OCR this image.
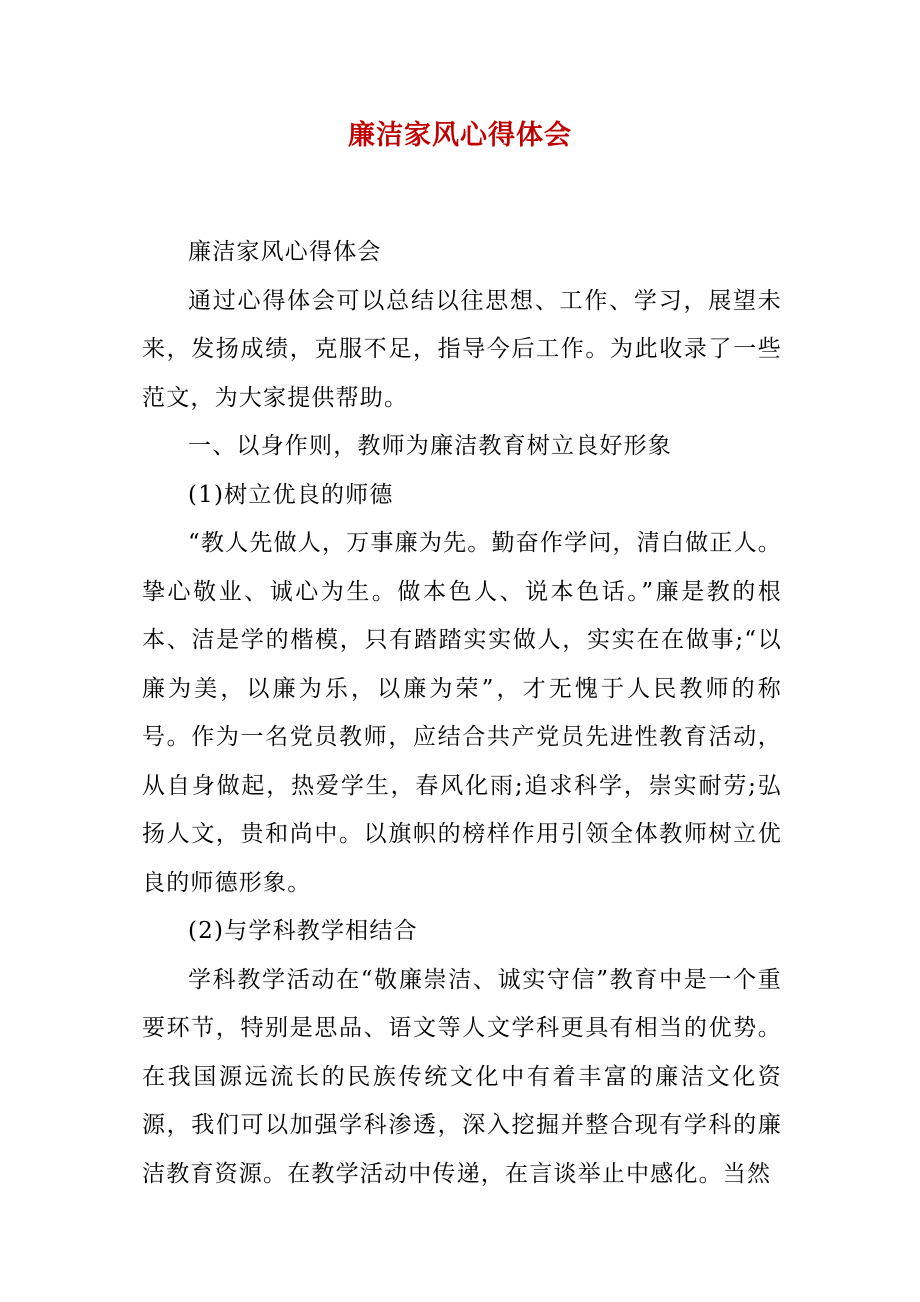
廉洁家风心得体会

廉洁家风心得体会

通过心得体会可以总结以往思想、工作、学习，展望未来，发扬成绩，克服不足，指导今后工作。为此收录了一些范文，为大家提供帮助。

一、以身作则，教师为廉洁教育树立良好形象

(1)树立优良的师德

“教人先做人，万事廉为先。勤奋作学问，清白做正人。挚心敬业、诚心为生。做本色人、说本色话。”廉是教的根本、洁是学的楷模，只有踏踏实实做人，实实在在做事;“以廉为美，以廉为乐，以廉为荣”，才无愧于人民教师的称号。作为一名党员教师，应结合共产党员先进性教育活动，从自身做起，热爱学生，春风化雨;追求科学，崇实耐劳;弘扬人文，贵和尚中。以旗帜的榜样作用引领全体教师树立优良的师德形象。

(2)与学科教学相结合

学科教学活动在“敬廉崇洁、诚实守信”教育中是一个重要环节，特别是思品、语文等人文学科更具有相当的优势。在我国源远流长的民族传统文化中有着丰富的廉洁文化资源，我们可以加强学科渗透，深入挖掘并整合现有学科的廉洁教育资源。在教学活动中传递，在言谈举止中感化。当然
